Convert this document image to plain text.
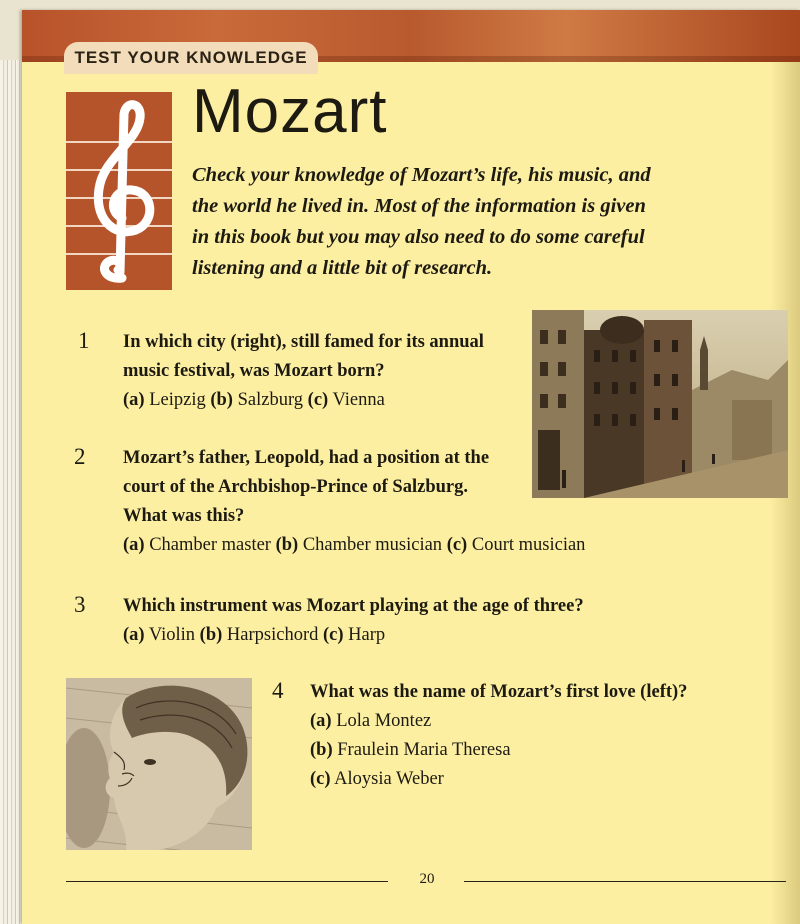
TEST YOUR KNOWLEDGE
Mozart
Check your knowledge of Mozart’s life, his music, and
the world he lived in. Most of the information is given
in this book but you may also need to do some careful
listening and a little bit of research.
1 In which city (right), still famed for its annual
music festival, was Mozart born?
(a) Leipzig (b) Salzburg (c) Vienna
2 Mozart’s father, Leopold, had a position at the
court of the Archbishop-Prince of Salzburg.
What was this?
(a) Chamber master (b) Chamber musician (c) Court musician
3 Which instrument was Mozart playing at the age of three?
(a) Violin (b) Harpsichord (c) Harp
4 What was the name of Mozart’s first love (left)?
(a) Lola Montez
(b) Fraulein Maria Theresa
(c) Aloysia Weber
20
